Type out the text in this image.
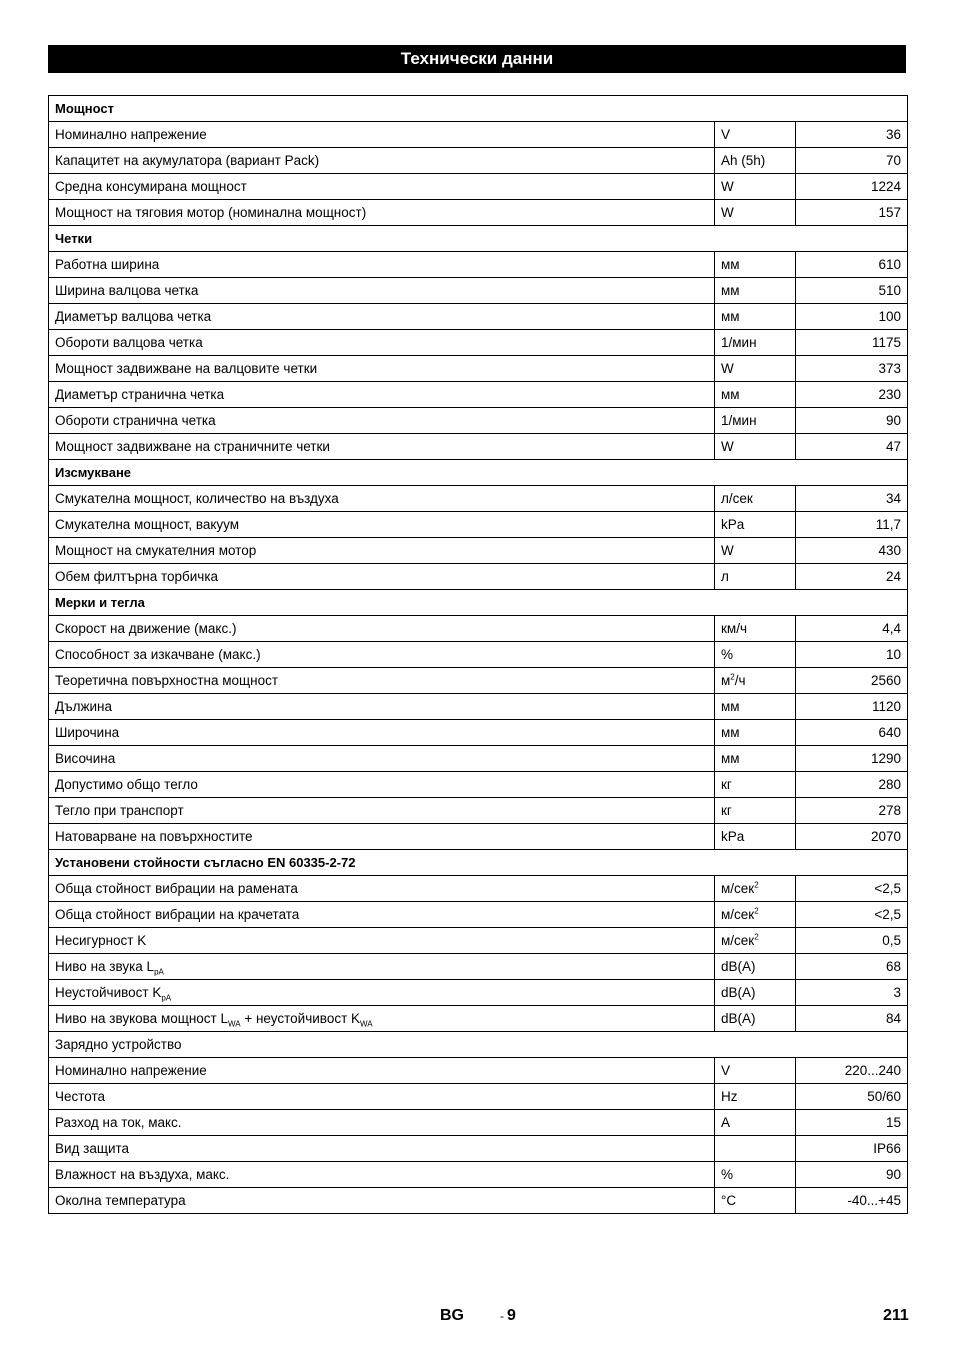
Технически данни
Мощност		
Номинално напрежение	V	36
Капацитет на акумулатора (вариант Pack)	Ah (5h)	70
Средна консумирана мощност	W	1224
Мощност на тяговия мотор (номинална мощност)	W	157
Четки		
Работна ширина	мм	610
Ширина валцова четка	мм	510
Диаметър валцова четка	мм	100
Обороти валцова четка	1/мин	1175
Мощност задвижване на валцовите четки	W	373
Диаметър странична четка	мм	230
Обороти странична четка	1/мин	90
Мощност задвижване на страничните четки	W	47
Изсмукване		
Смукателна мощност, количество на въздуха	л/сек	34
Смукателна мощност, вакуум	kPa	11,7
Мощност на смукателния мотор	W	430
Обем филтърна торбичка	л	24
Мерки и тегла		
Скорост на движение (макс.)	км/ч	4,4
Способност за изкачване (макс.)	%	10
Теоретична повърхностна мощност	$м^2/ч$	2560
Дължина	мм	1120
Широчина	мм	640
Височина	мм	1290
Допустимо общо тегло	кг	280
Тегло при транспорт	кг	278
Натоварване на повърхностите	kPa	2070
Установени стойности съгласно EN 60335-2-72		
Обща стойност вибрации на рамената	м/сек$^2$	<2,5
Обща стойност вибрации на крачетата	м/сек$^2$	<2,5
Несигурност K	м/сек$^2$	0,5
Ниво на звука $L_{pA}$	dB(A)	68
Неустойчивост $K_{pA}$	dB(A)	3
Ниво на звукова мощност $L_{WA}$ + неустойчивост $K_{WA}$	dB(A)	84
Зарядно устройство		
Номинално напрежение	V	220...240
Честота	Hz	50/60
Разход на ток, макс.	A	15
Вид защита		IP66
Влажност на въздуха, макс.	%	90
Околна температура	°C	-40...+45
BG	- 9	211
